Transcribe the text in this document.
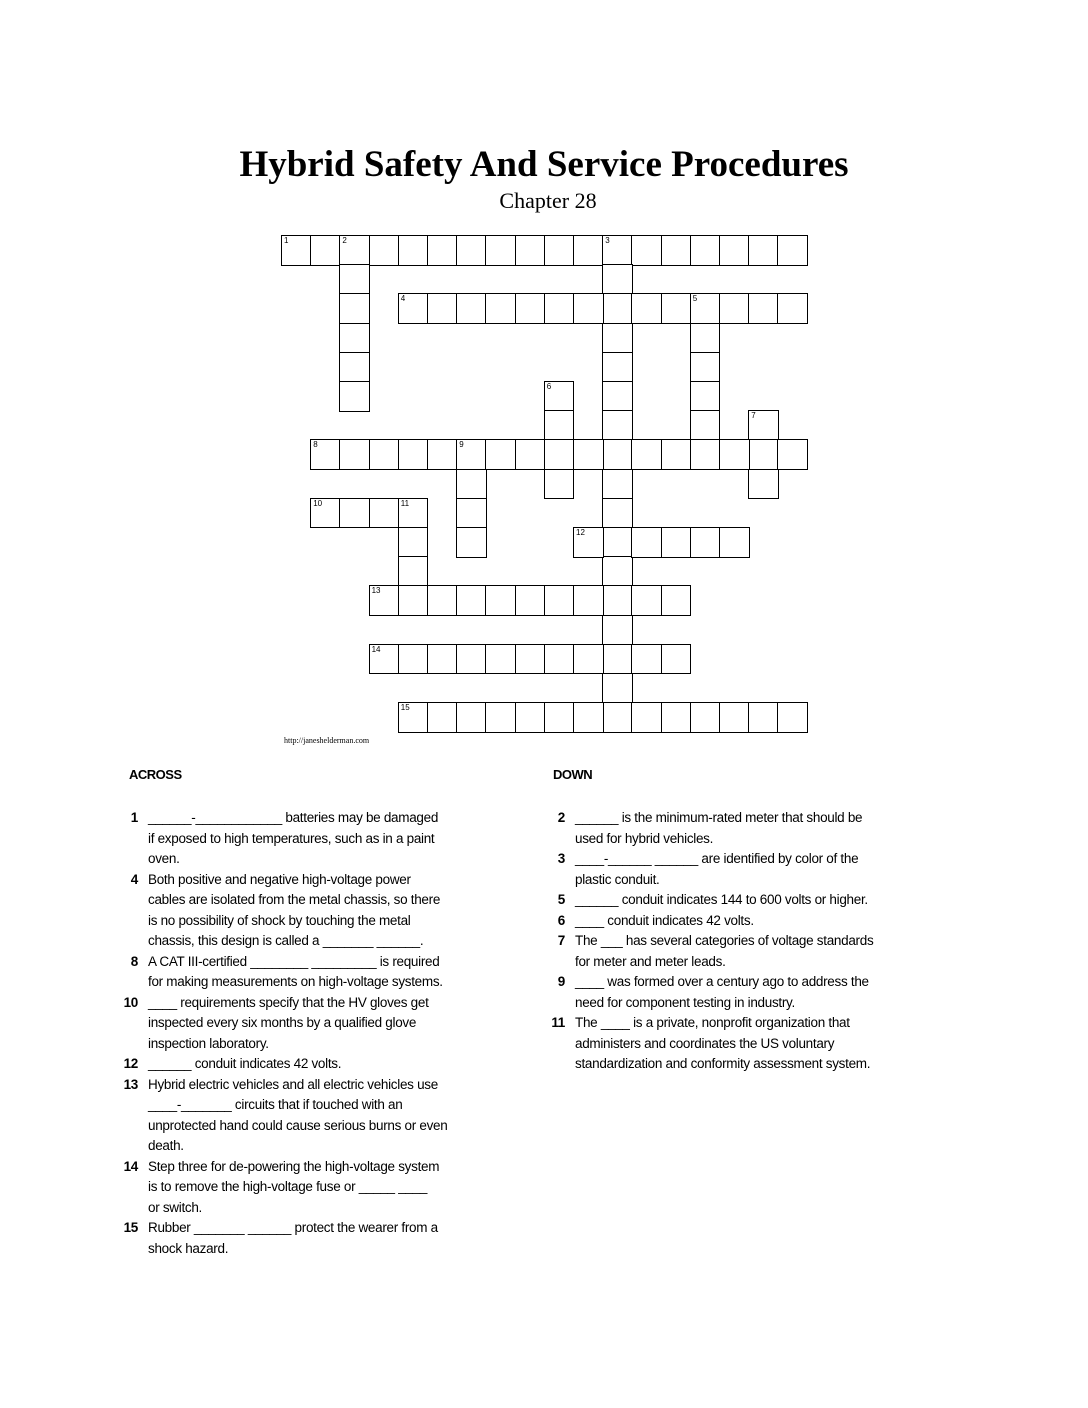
Hybrid Safety And Service Procedures
Chapter 28
1	2	3
4	5
6
7
8	9
10	11
12
13
14
15
http://janeshelderman.com
ACROSS	DOWN
1 ______-____________ batteries may be damaged
if exposed to high temperatures, such as in a paint
oven.
4 Both positive and negative high-voltage power
cables are isolated from the metal chassis, so there
is no possibility of shock by touching the metal
chassis, this design is called a _______ ______.
8 A CAT III-certified ________ _________ is required
for making measurements on high-voltage systems.
10 ____ requirements specify that the HV gloves get
inspected every six months by a qualified glove
inspection laboratory.
12 ______ conduit indicates 42 volts.
13 Hybrid electric vehicles and all electric vehicles use
____-_______ circuits that if touched with an
unprotected hand could cause serious burns or even
death.
14 Step three for de-powering the high-voltage system
is to remove the high-voltage fuse or _____ ____
or switch.
15 Rubber _______ ______ protect the wearer from a
shock hazard.
2 ______ is the minimum-rated meter that should be
used for hybrid vehicles.
3 ____-______ ______ are identified by color of the
plastic conduit.
5 ______ conduit indicates 144 to 600 volts or higher.
6 ____ conduit indicates 42 volts.
7 The ___ has several categories of voltage standards
for meter and meter leads.
9 ____ was formed over a century ago to address the
need for component testing in industry.
11 The ____ is a private, nonprofit organization that
administers and coordinates the US voluntary
standardization and conformity assessment system.
